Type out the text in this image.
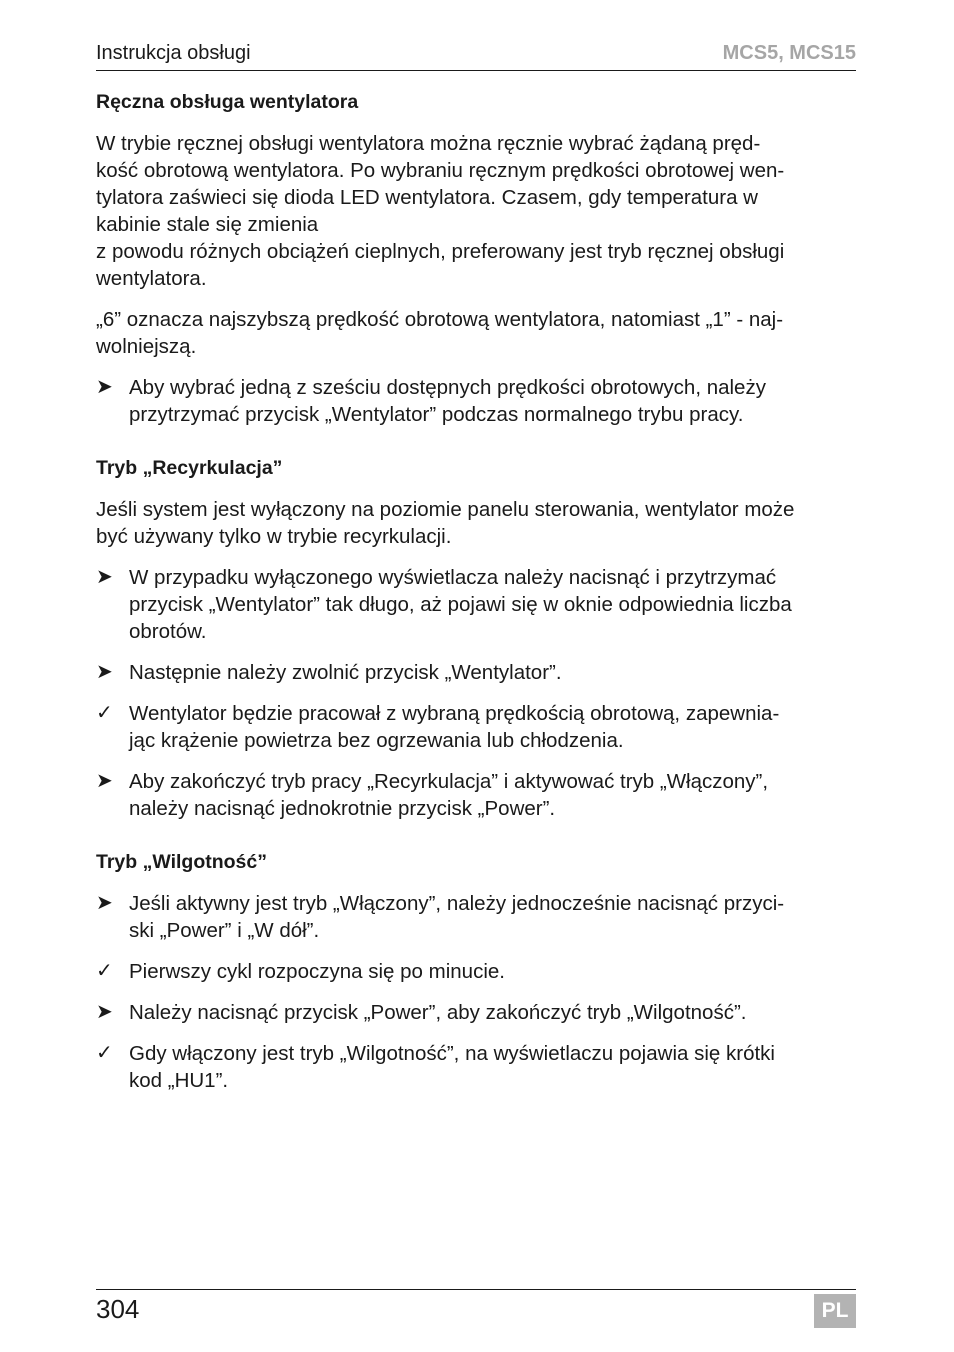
Instrukcja obsługi	MCS5, MCS15
Ręczna obsługa wentylatora
W trybie ręcznej obsługi wentylatora można ręcznie wybrać żądaną pręd-
kość obrotową wentylatora. Po wybraniu ręcznym prędkości obrotowej wen-
tylatora zaświeci się dioda LED wentylatora. Czasem, gdy temperatura w
kabinie stale się zmienia
z powodu różnych obciążeń cieplnych, preferowany jest tryb ręcznej obsługi
wentylatora.
„6” oznacza najszybszą prędkość obrotową wentylatora, natomiast „1” - naj-
wolniejszą.
➤ Aby wybrać jedną z sześciu dostępnych prędkości obrotowych, należy
przytrzymać przycisk „Wentylator” podczas normalnego trybu pracy.
Tryb „Recyrkulacja”
Jeśli system jest wyłączony na poziomie panelu sterowania, wentylator może
być używany tylko w trybie recyrkulacji.
➤ W przypadku wyłączonego wyświetlacza należy nacisnąć i przytrzymać
przycisk „Wentylator” tak długo, aż pojawi się w oknie odpowiednia liczba
obrotów.
➤ Następnie należy zwolnić przycisk „Wentylator”.
✓ Wentylator będzie pracował z wybraną prędkością obrotową, zapewnia-
jąc krążenie powietrza bez ogrzewania lub chłodzenia.
➤ Aby zakończyć tryb pracy „Recyrkulacja” i aktywować tryb „Włączony”,
należy nacisnąć jednokrotnie przycisk „Power”.
Tryb „Wilgotność”
➤ Jeśli aktywny jest tryb „Włączony”, należy jednocześnie nacisnąć przyci-
ski „Power” i „W dół”.
✓ Pierwszy cykl rozpoczyna się po minucie.
➤ Należy nacisnąć przycisk „Power”, aby zakończyć tryb „Wilgotność”.
✓ Gdy włączony jest tryb „Wilgotność”, na wyświetlaczu pojawia się krótki
kod „HU1”.
304	PL
